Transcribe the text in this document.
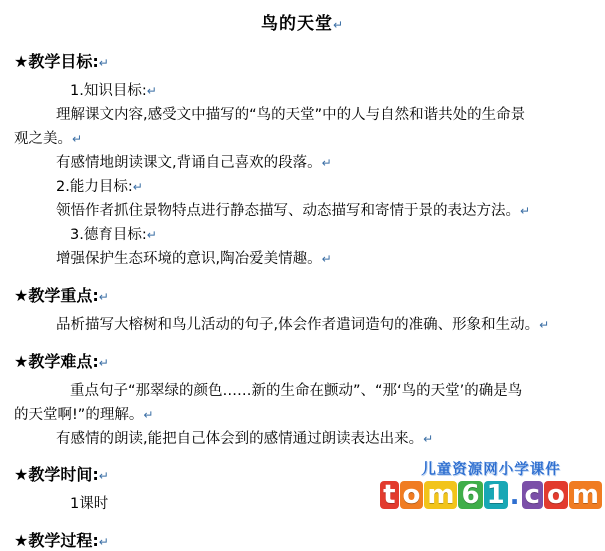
鸟的天堂↵
★教学目标:↵

1.知识目标:↵

理解课文内容,感受文中描写的“鸟的天堂”中的人与自然和谐共处的生命景

观之美。↵

有感情地朗读课文,背诵自己喜欢的段落。↵

2.能力目标:↵

领悟作者抓住景物特点进行静态描写、动态描写和寄情于景的表达方法。↵

3.德育目标:↵

增强保护生态环境的意识,陶冶爱美情趣。↵

★教学重点:↵

品析描写大榕树和鸟儿活动的句子,体会作者遣词造句的准确、形象和生动。↵

★教学难点:↵

重点句子“那翠绿的颜色……新的生命在颤动”、“那‘鸟的天堂’的确是鸟

的天堂啊!”的理解。↵

有感情的朗读,能把自己体会到的感情通过朗读表达出来。↵

★教学时间:↵

1课时

★教学过程:↵
儿童资源网小学课件
t o m 6 1 . c o m
